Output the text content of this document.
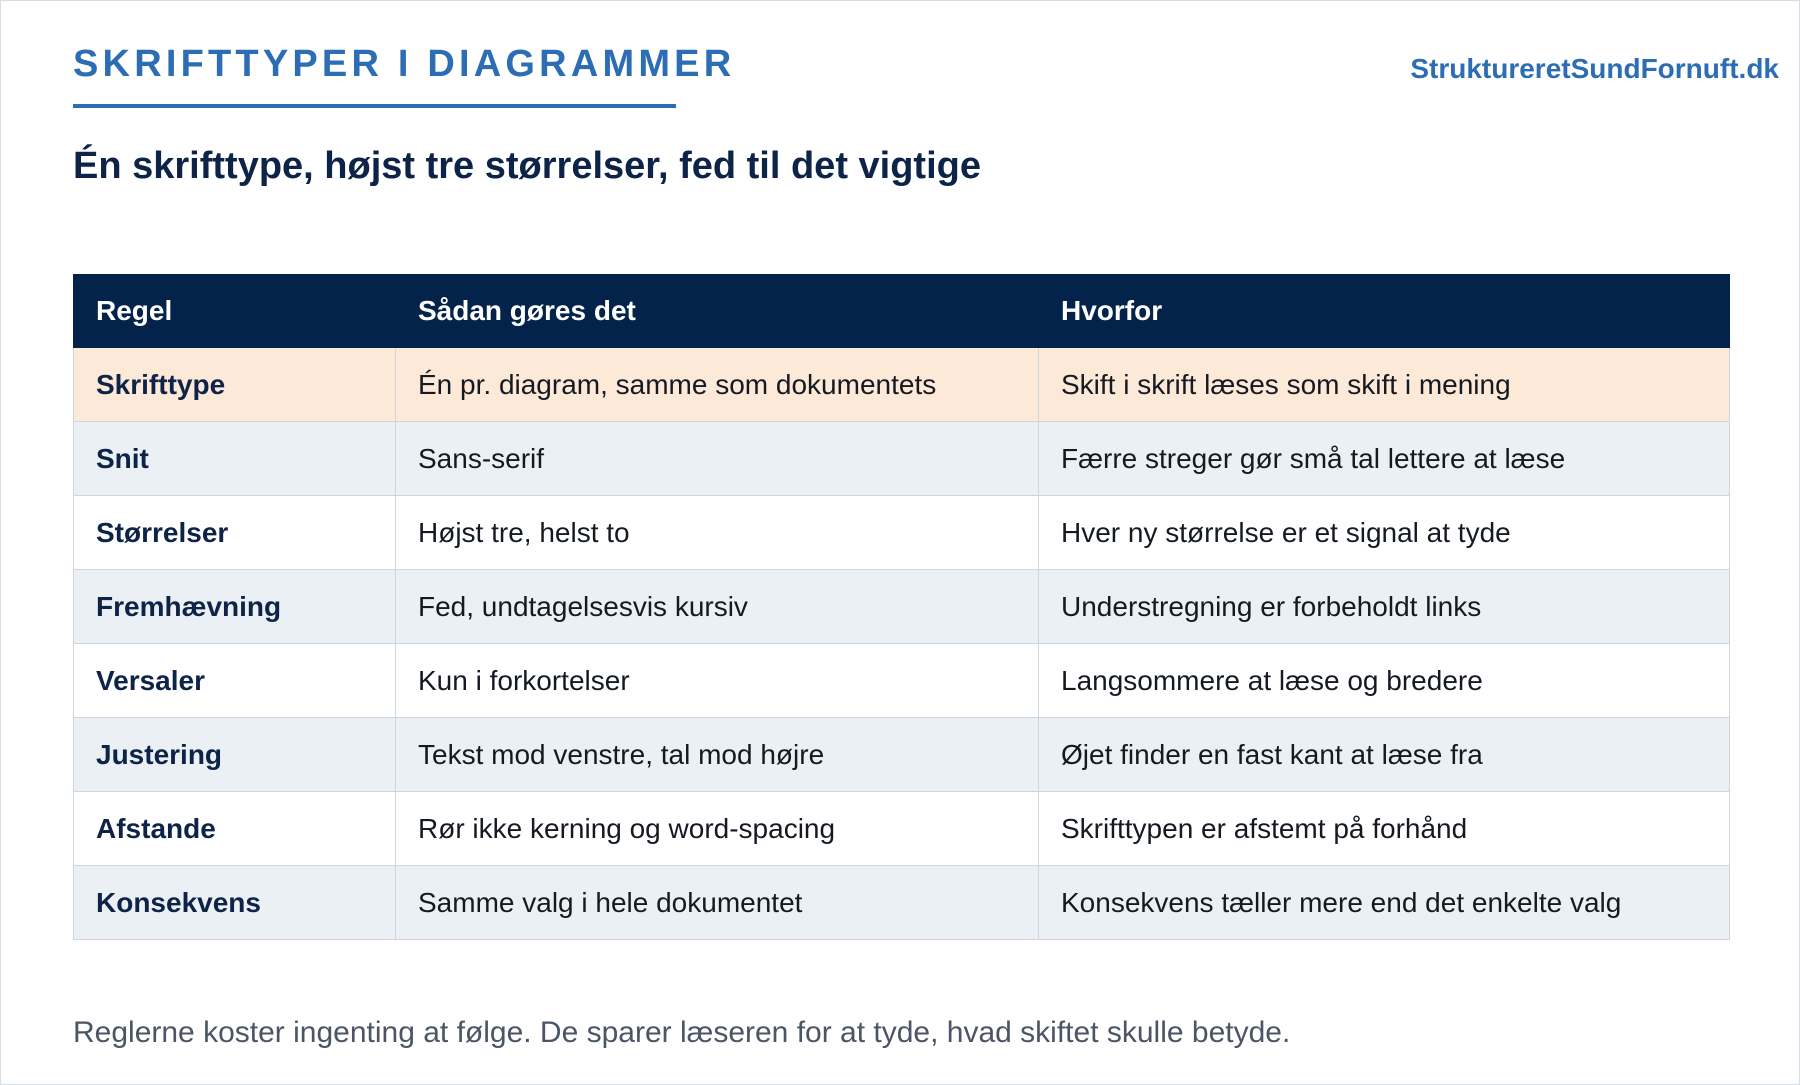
SKRIFTTYPER I DIAGRAMMER	StruktureretSundFornuft.dk
Én skrifttype, højst tre størrelser, fed til det vigtige
Regel	Sådan gøres det	Hvorfor
Skrifttype	Én pr. diagram, samme som dokumentets	Skift i skrift læses som skift i mening
Snit	Sans-serif	Færre streger gør små tal lettere at læse
Størrelser	Højst tre, helst to	Hver ny størrelse er et signal at tyde
Fremhævning	Fed, undtagelsesvis kursiv	Understregning er forbeholdt links
Versaler	Kun i forkortelser	Langsommere at læse og bredere
Justering	Tekst mod venstre, tal mod højre	Øjet finder en fast kant at læse fra
Afstande	Rør ikke kerning og word-spacing	Skrifttypen er afstemt på forhånd
Konsekvens	Samme valg i hele dokumentet	Konsekvens tæller mere end det enkelte valg
Reglerne koster ingenting at følge. De sparer læseren for at tyde, hvad skiftet skulle betyde.
